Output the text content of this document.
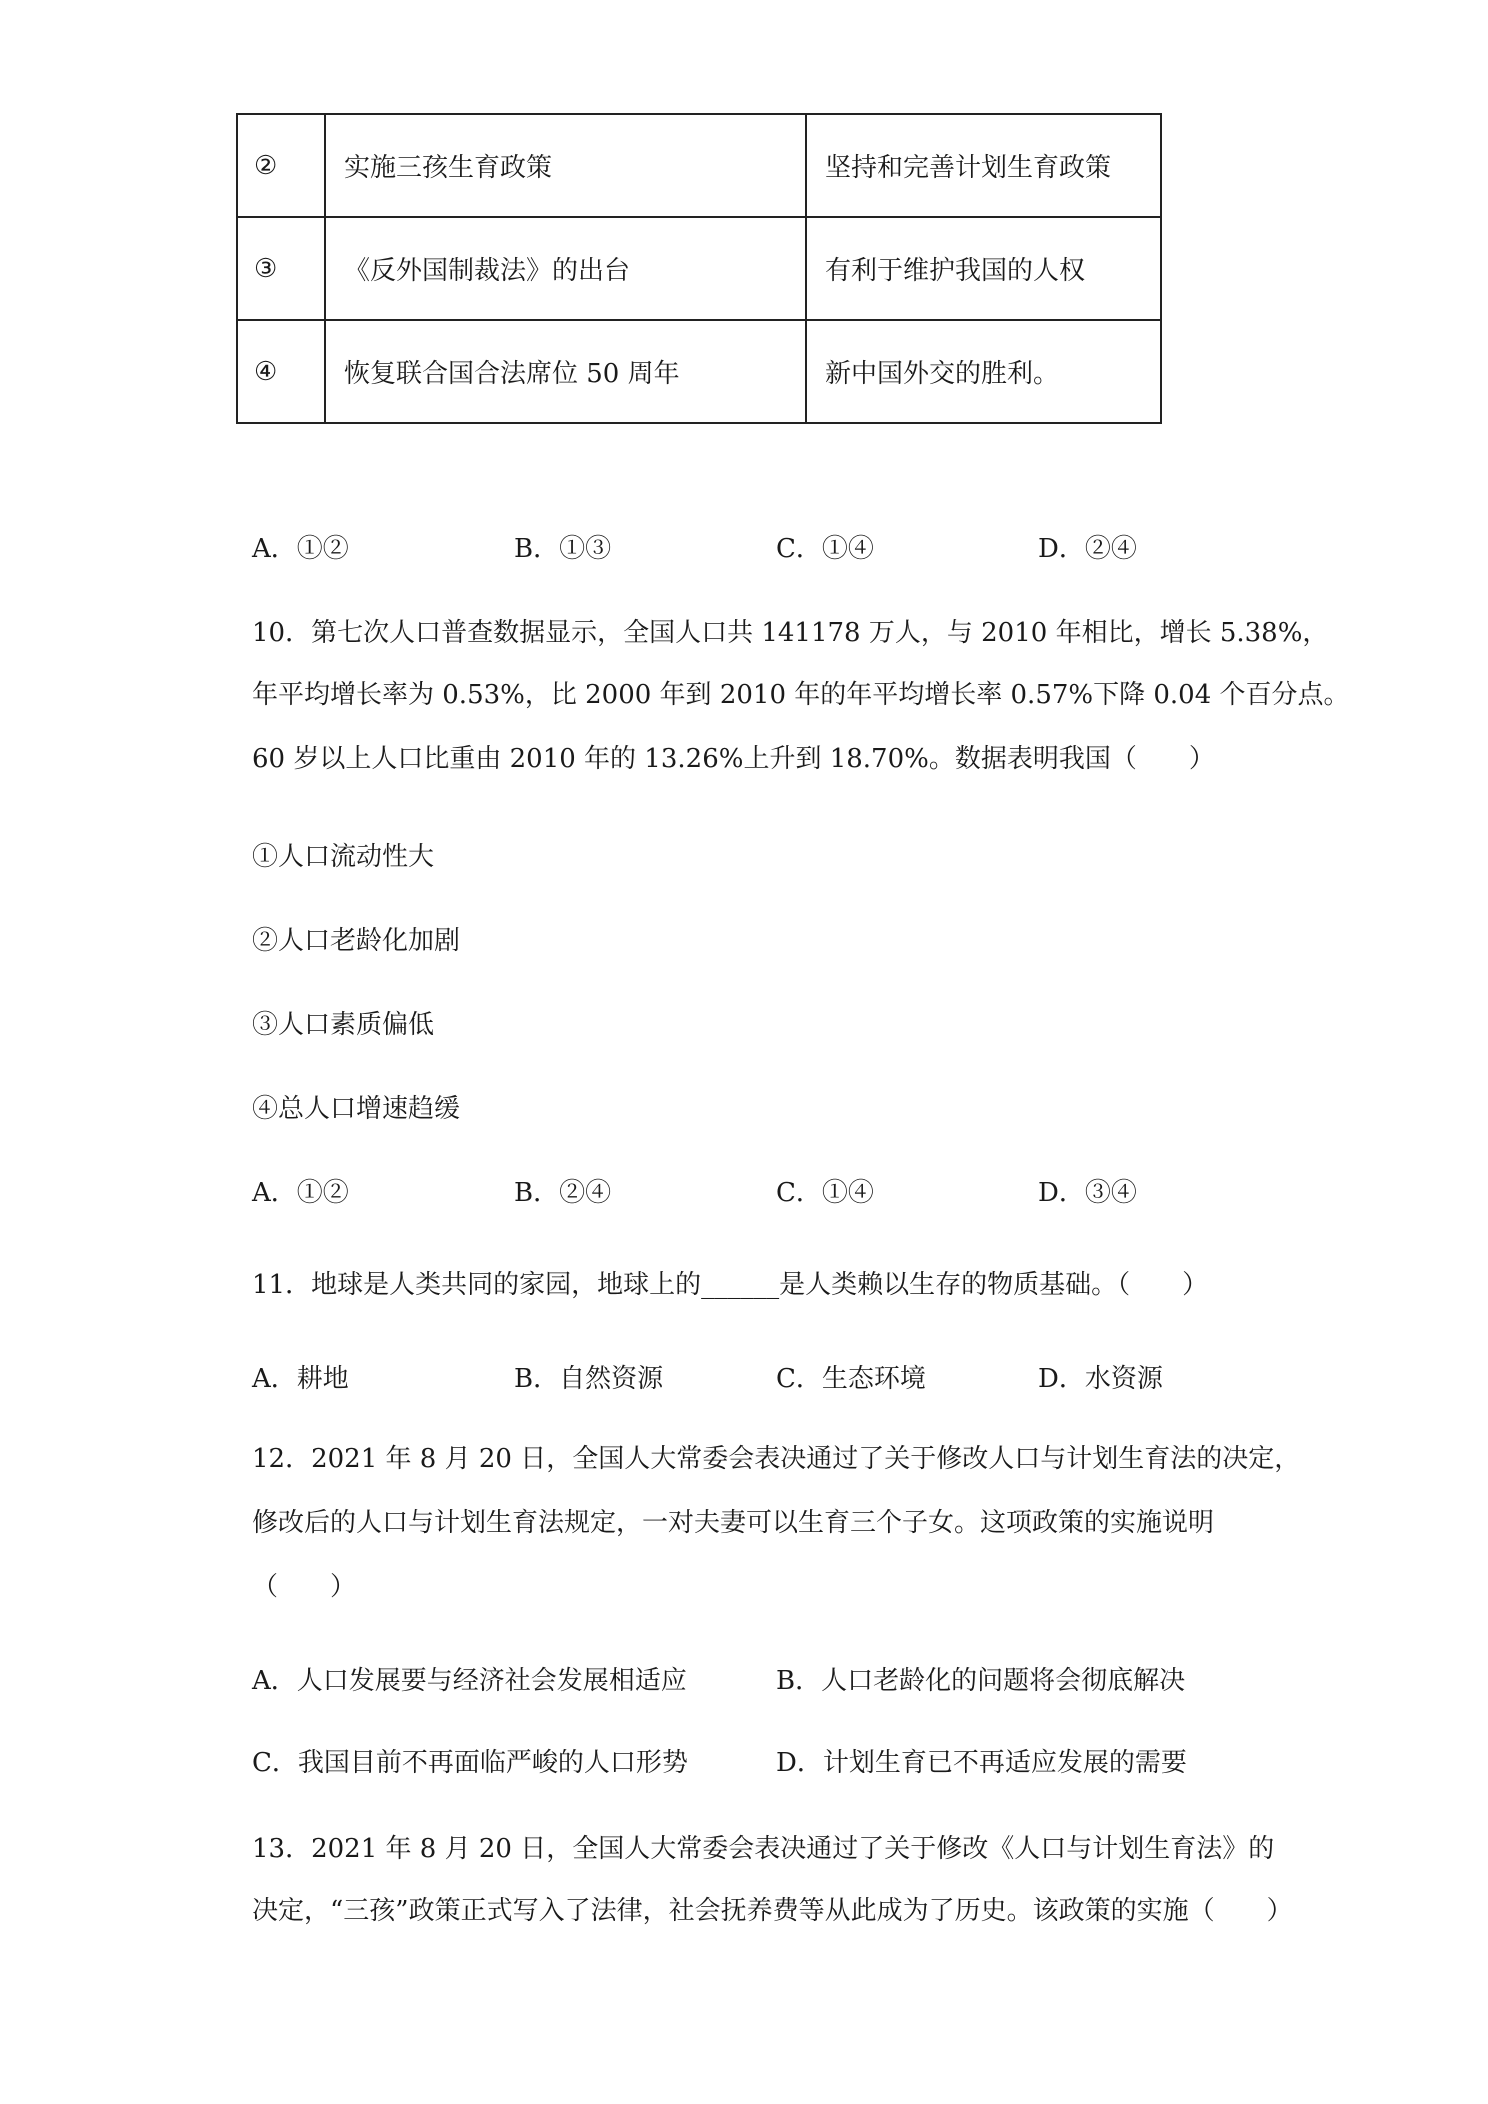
②	实施三孩生育政策	坚持和完善计划生育政策
③	《反外国制裁法》的出台	有利于维护我国的人权
④	恢复联合国合法席位 50 周年	新中国外交的胜利。
A．①②	B．①③	C．①④	D．②④
10．第七次人口普查数据显示，全国人口共 141178 万人，与 2010 年相比，增长 5.38%，
年平均增长率为 0.53%，比 2000 年到 2010 年的年平均增长率 0.57%下降 0.04 个百分点。
60 岁以上人口比重由 2010 年的 13.26%上升到 18.70%。数据表明我国（　　）
①人口流动性大
②人口老龄化加剧
③人口素质偏低
④总人口增速趋缓
A．①②	B．②④	C．①④	D．③④
11．地球是人类共同的家园，地球上的______是人类赖以生存的物质基础。（　　）
A．耕地	B．自然资源	C．生态环境	D．水资源
12．2021 年 8 月 20 日，全国人大常委会表决通过了关于修改人口与计划生育法的决定，
修改后的人口与计划生育法规定，一对夫妻可以生育三个子女。这项政策的实施说明
（　　）
A．人口发展要与经济社会发展相适应	B．人口老龄化的问题将会彻底解决
C．我国目前不再面临严峻的人口形势	D．计划生育已不再适应发展的需要
13．2021 年 8 月 20 日，全国人大常委会表决通过了关于修改《人口与计划生育法》的
决定，“三孩”政策正式写入了法律，社会抚养费等从此成为了历史。该政策的实施（　　）
